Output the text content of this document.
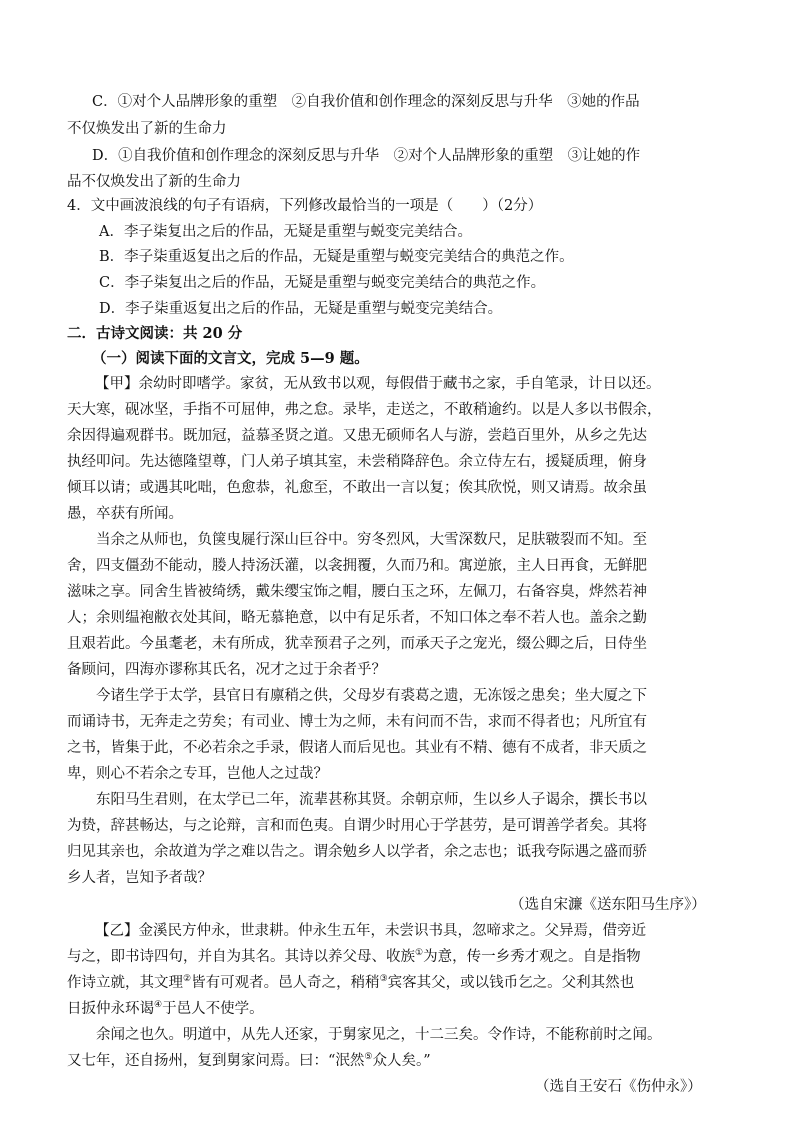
C．①对个人品牌形象的重塑　②自我价值和创作理念的深刻反思与升华　③她的作品
不仅焕发出了新的生命力
D．①自我价值和创作理念的深刻反思与升华　②对个人品牌形象的重塑　③让她的作
品不仅焕发出了新的生命力
4．文中画波浪线的句子有语病，下列修改最恰当的一项是（　　）（2分）
A．李子柒复出之后的作品，无疑是重塑与蜕变完美结合。
B．李子柒重返复出之后的作品，无疑是重塑与蜕变完美结合的典范之作。
C．李子柒复出之后的作品，无疑是重塑与蜕变完美结合的典范之作。
D．李子柒重返复出之后的作品，无疑是重塑与蜕变完美结合。
二．古诗文阅读：共 20 分
（一）阅读下面的文言文，完成 5—9 题。
【甲】余幼时即嗜学。家贫，无从致书以观，每假借于藏书之家，手自笔录，计日以还。
天大寒，砚冰坚，手指不可屈伸，弗之怠。录毕，走送之，不敢稍逾约。以是人多以书假余，
余因得遍观群书。既加冠，益慕圣贤之道。又患无硕师名人与游，尝趋百里外，从乡之先达
执经叩问。先达德隆望尊，门人弟子填其室，未尝稍降辞色。余立侍左右，援疑质理，俯身
倾耳以请；或遇其叱咄，色愈恭，礼愈至，不敢出一言以复；俟其欣悦，则又请焉。故余虽
愚，卒获有所闻。
　　当余之从师也，负箧曳屣行深山巨谷中。穷冬烈风，大雪深数尺，足肤皲裂而不知。至
舍，四支僵劲不能动，媵人持汤沃灌，以衾拥覆，久而乃和。寓逆旅，主人日再食，无鲜肥
滋味之享。同舍生皆被绮绣，戴朱缨宝饰之帽，腰白玉之环，左佩刀，右备容臭，烨然若神
人；余则缊袍敝衣处其间，略无慕艳意，以中有足乐者，不知口体之奉不若人也。盖余之勤
且艰若此。今虽耄老，未有所成，犹幸预君子之列，而承天子之宠光，缀公卿之后，日侍坐
备顾问，四海亦谬称其氏名，况才之过于余者乎？
　　今诸生学于太学，县官日有廪稍之供，父母岁有裘葛之遗，无冻馁之患矣；坐大厦之下
而诵诗书，无奔走之劳矣；有司业、博士为之师，未有问而不告，求而不得者也；凡所宜有
之书，皆集于此，不必若余之手录，假诸人而后见也。其业有不精、德有不成者，非天质之
卑，则心不若余之专耳，岂他人之过哉？
　　东阳马生君则，在太学已二年，流辈甚称其贤。余朝京师，生以乡人子谒余，撰长书以
为贽，辞甚畅达，与之论辩，言和而色夷。自谓少时用心于学甚劳，是可谓善学者矣。其将
归见其亲也，余故道为学之难以告之。谓余勉乡人以学者，余之志也；诋我夸际遇之盛而骄
乡人者，岂知予者哉？
（选自宋濂《送东阳马生序》）
【乙】金溪民方仲永，世隶耕。仲永生五年，未尝识书具，忽啼求之。父异焉，借旁近
与之，即书诗四句，并自为其名。其诗以养父母、收族①为意，传一乡秀才观之。自是指物
作诗立就，其文理②皆有可观者。邑人奇之，稍稍③宾客其父，或以钱币乞之。父利其然也
日扳仲永环谒④于邑人不使学。
　　余闻之也久。明道中，从先人还家，于舅家见之，十二三矣。令作诗，不能称前时之闻。
又七年，还自扬州，复到舅家问焉。曰：“泯然⑤众人矣。”
（选自王安石《伤仲永》）
